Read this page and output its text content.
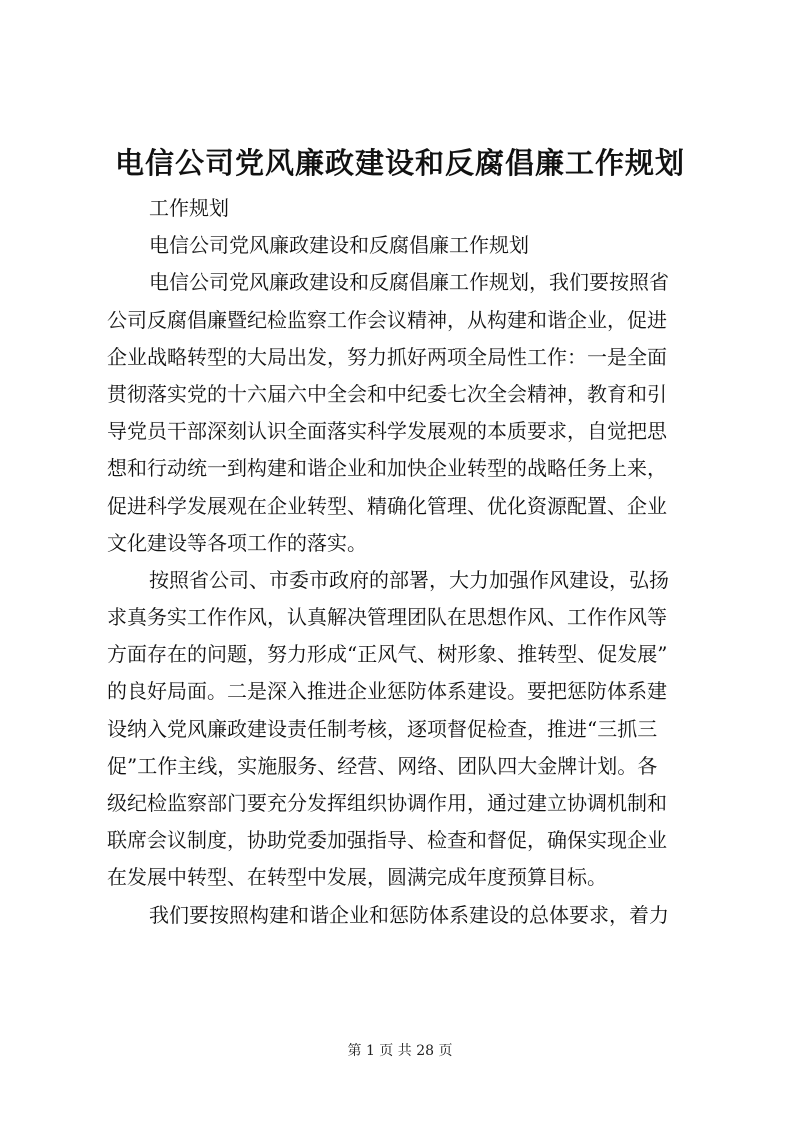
电信公司党风廉政建设和反腐倡廉工作规划

工作规划

电信公司党风廉政建设和反腐倡廉工作规划

电信公司党风廉政建设和反腐倡廉工作规划，我们要按照省

公司反腐倡廉暨纪检监察工作会议精神，从构建和谐企业，促进

企业战略转型的大局出发，努力抓好两项全局性工作：一是全面

贯彻落实党的十六届六中全会和中纪委七次全会精神，教育和引

导党员干部深刻认识全面落实科学发展观的本质要求，自觉把思

想和行动统一到构建和谐企业和加快企业转型的战略任务上来，

促进科学发展观在企业转型、精确化管理、优化资源配置、企业

文化建设等各项工作的落实。

按照省公司、市委市政府的部署，大力加强作风建设，弘扬

求真务实工作作风，认真解决管理团队在思想作风、工作作风等

方面存在的问题，努力形成“正风气、树形象、推转型、促发展”

的良好局面。二是深入推进企业惩防体系建设。要把惩防体系建

设纳入党风廉政建设责任制考核，逐项督促检查，推进“三抓三

促”工作主线，实施服务、经营、网络、团队四大金牌计划。各

级纪检监察部门要充分发挥组织协调作用，通过建立协调机制和

联席会议制度，协助党委加强指导、检查和督促，确保实现企业

在发展中转型、在转型中发展，圆满完成年度预算目标。

我们要按照构建和谐企业和惩防体系建设的总体要求，着力

第 1 页 共 28 页
